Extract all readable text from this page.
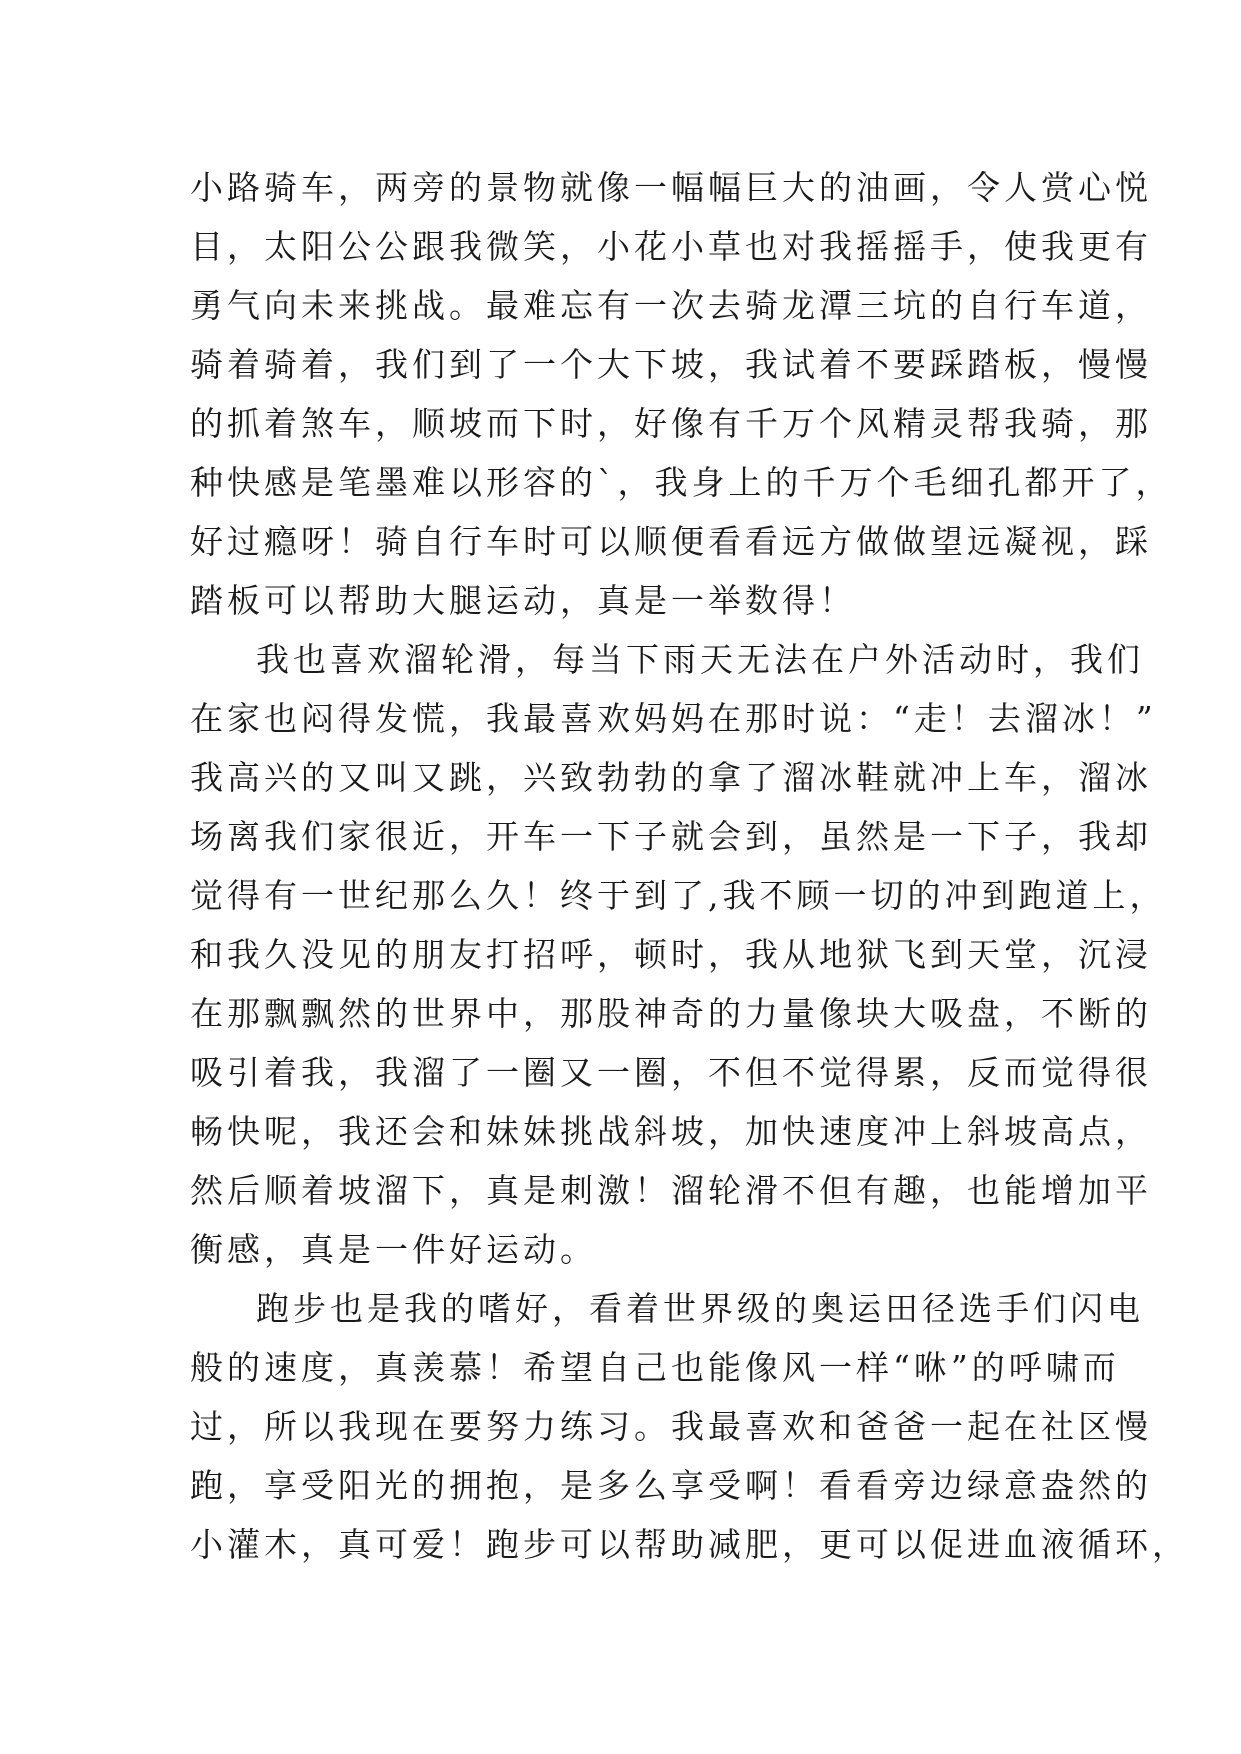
小路骑车，两旁的景物就像一幅幅巨大的油画，令人赏心悦
目，太阳公公跟我微笑，小花小草也对我摇摇手，使我更有
勇气向未来挑战。最难忘有一次去骑龙潭三坑的自行车道，
骑着骑着，我们到了一个大下坡，我试着不要踩踏板，慢慢
的抓着煞车，顺坡而下时，好像有千万个风精灵帮我骑，那
种快感是笔墨难以形容的`，我身上的千万个毛细孔都开了，
好过瘾呀！骑自行车时可以顺便看看远方做做望远凝视，踩
踏板可以帮助大腿运动，真是一举数得！
我也喜欢溜轮滑，每当下雨天无法在户外活动时，我们
在家也闷得发慌，我最喜欢妈妈在那时说：“走！去溜冰！”
我高兴的又叫又跳，兴致勃勃的拿了溜冰鞋就冲上车，溜冰
场离我们家很近，开车一下子就会到，虽然是一下子，我却
觉得有一世纪那么久！终于到了,我不顾一切的冲到跑道上，
和我久没见的朋友打招呼，顿时，我从地狱飞到天堂，沉浸
在那飘飘然的世界中，那股神奇的力量像块大吸盘，不断的
吸引着我，我溜了一圈又一圈，不但不觉得累，反而觉得很
畅快呢，我还会和妹妹挑战斜坡，加快速度冲上斜坡高点，
然后顺着坡溜下，真是刺激！溜轮滑不但有趣，也能增加平
衡感，真是一件好运动。
跑步也是我的嗜好，看着世界级的奥运田径选手们闪电
般的速度，真羡慕！希望自己也能像风一样“咻”的呼啸而
过，所以我现在要努力练习。我最喜欢和爸爸一起在社区慢
跑，享受阳光的拥抱，是多么享受啊！看看旁边绿意盎然的
小灌木，真可爱！跑步可以帮助减肥，更可以促进血液循环，
